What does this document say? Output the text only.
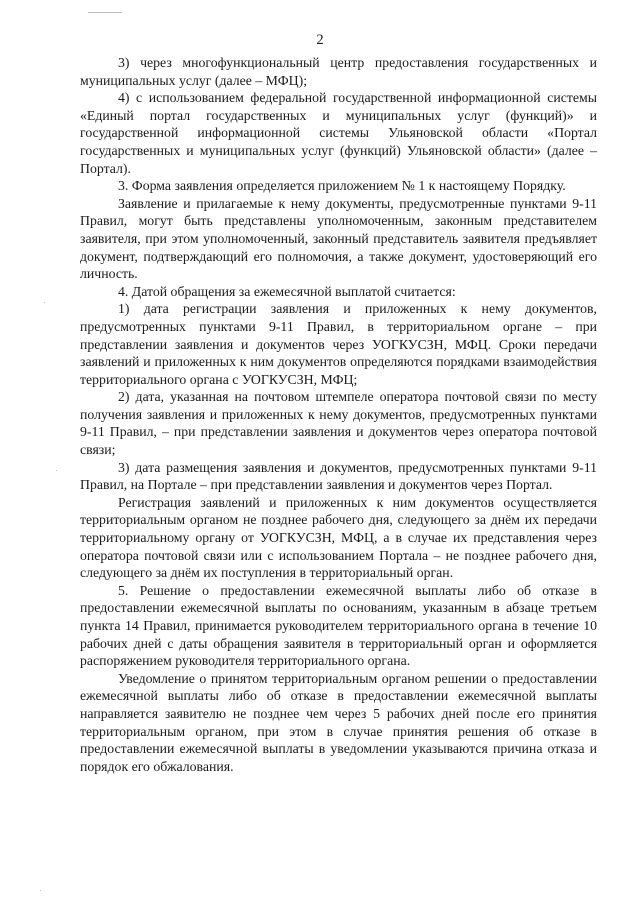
2

3) через многофункциональный центр предоставления государственных и муниципальных услуг (далее – МФЦ);

4) с использованием федеральной государственной информационной системы «Единый портал государственных и муниципальных услуг (функций)» и государственной информационной системы Ульяновской области «Портал государственных и муниципальных услуг (функций) Ульяновской области» (далее – Портал).

3. Форма заявления определяется приложением № 1 к настоящему Порядку.

Заявление и прилагаемые к нему документы, предусмотренные пунктами 9-11 Правил, могут быть представлены уполномоченным, законным представителем заявителя, при этом уполномоченный, законный представитель заявителя предъявляет документ, подтверждающий его полномочия, а также документ, удостоверяющий его личность.

4. Датой обращения за ежемесячной выплатой считается:

1) дата регистрации заявления и приложенных к нему документов, предусмотренных пунктами 9-11 Правил, в территориальном органе – при представлении заявления и документов через УОГКУСЗН, МФЦ. Сроки передачи заявлений и приложенных к ним документов определяются порядками взаимодействия территориального органа с УОГКУСЗН, МФЦ;

2) дата, указанная на почтовом штемпеле оператора почтовой связи по месту получения заявления и приложенных к нему документов, предусмотренных пунктами 9-11 Правил, – при представлении заявления и документов через оператора почтовой связи;

3) дата размещения заявления и документов, предусмотренных пунктами 9-11 Правил, на Портале – при представлении заявления и документов через Портал.

Регистрация заявлений и приложенных к ним документов осуществляется территориальным органом не позднее рабочего дня, следующего за днём их передачи территориальному органу от УОГКУСЗН, МФЦ, а в случае их представления через оператора почтовой связи или с использованием Портала – не позднее рабочего дня, следующего за днём их поступления в территориальный орган.

5. Решение о предоставлении ежемесячной выплаты либо об отказе в предоставлении ежемесячной выплаты по основаниям, указанным в абзаце третьем пункта 14 Правил, принимается руководителем территориального органа в течение 10 рабочих дней с даты обращения заявителя в территориальный орган и оформляется распоряжением руководителя территориального органа.

Уведомление о принятом территориальным органом решении о предоставлении ежемесячной выплаты либо об отказе в предоставлении ежемесячной выплаты направляется заявителю не позднее чем через 5 рабочих дней после его принятия территориальным органом, при этом в случае принятия решения об отказе в предоставлении ежемесячной выплаты в уведомлении указываются причина отказа и порядок его обжалования.
